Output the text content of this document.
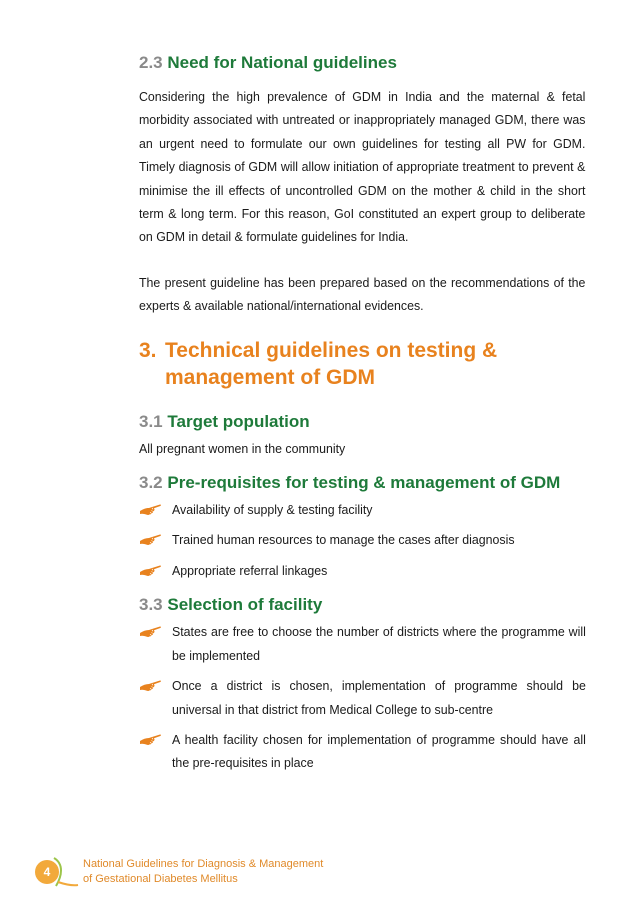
2.3 Need for National guidelines

Considering the high prevalence of GDM in India and the maternal & fetal morbidity associated with untreated or inappropriately managed GDM, there was an urgent need to formulate our own guidelines for testing all PW for GDM. Timely diagnosis of GDM will allow initiation of appropriate treatment to prevent & minimise the ill effects of uncontrolled GDM on the mother & child in the short term & long term. For this reason, GoI constituted an expert group to deliberate on GDM in detail & formulate guidelines for India.

The present guideline has been prepared based on the recommendations of the experts & available national/international evidences.

3. Technical guidelines on testing & management of GDM
3.1 Target population

All pregnant women in the community

3.2 Pre-requisites for testing & management of GDM
Availability of supply & testing facility
Trained human resources to manage the cases after diagnosis
Appropriate referral linkages
3.3 Selection of facility
States are free to choose the number of districts where the programme will be implemented
Once a district is chosen, implementation of programme should be universal in that district from Medical College to sub-centre
A health facility chosen for implementation of programme should have all the pre-requisites in place
4
National Guidelines for Diagnosis & Management
of Gestational Diabetes Mellitus
